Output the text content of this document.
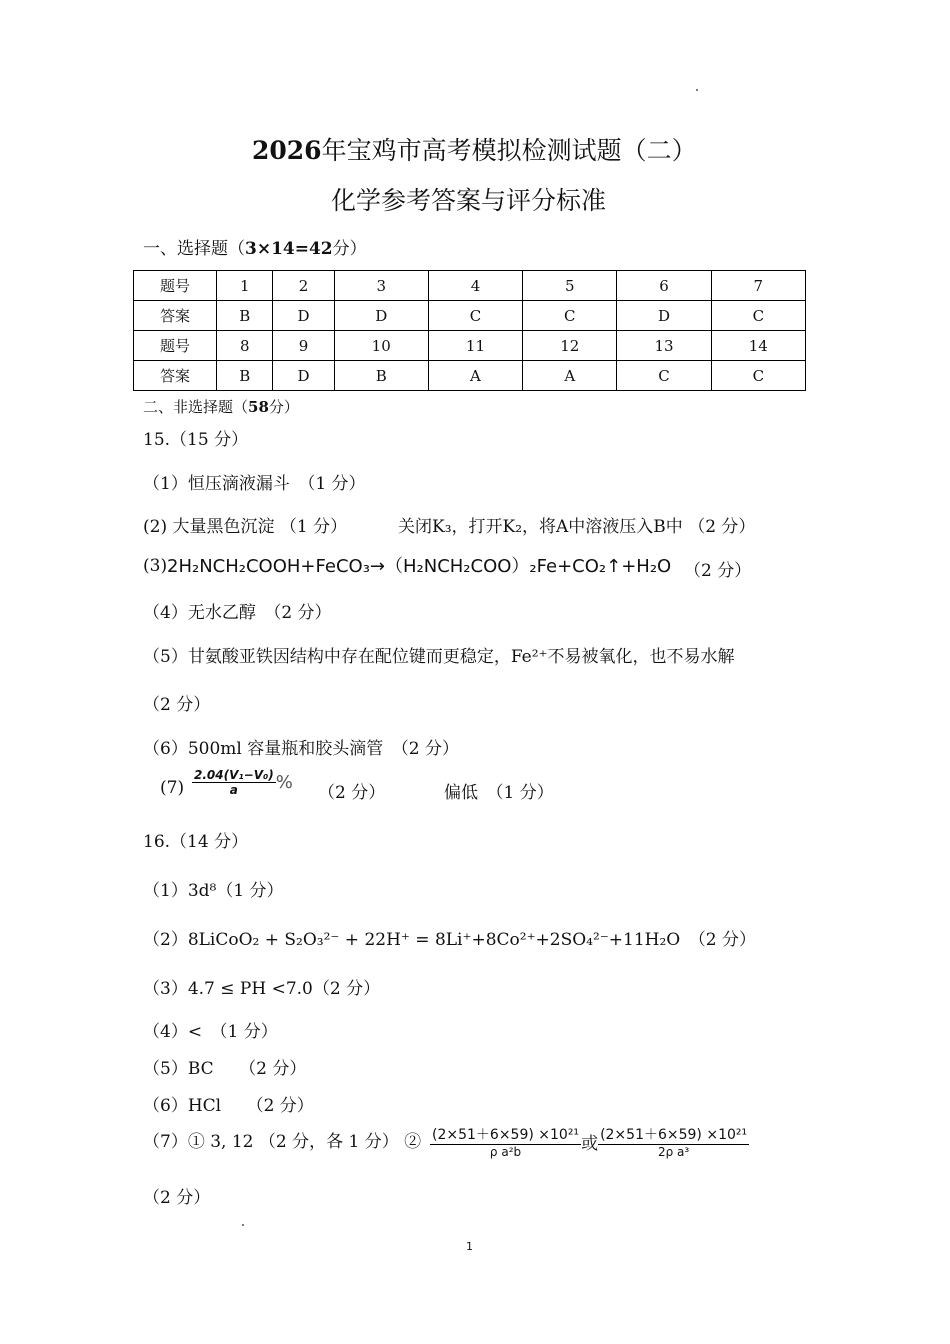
2026年宝鸡市高考模拟检测试题（二）
化学参考答案与评分标准
一、选择题（3×14=42分）
题号	1	2	3	4	5	6	7
答案	B	D	D	C	C	D	C
题号	8	9	10	11	12	13	14
答案	B	D	B	A	A	C	C
二、非选择题（58分）
15.（15 分）
（1）恒压滴液漏斗　（1 分）
(2) 大量黑色沉淀 （1 分）	关闭K₃，打开K₂，将A中溶液压入B中 （2 分）
(3) 2H₂NCH₂COOH+FeCO₃→（H₂NCH₂COO）₂Fe+CO₂↑+H₂O （2 分）
（4）无水乙醇　（2 分）
（5）甘氨酸亚铁因结构中存在配位键而更稳定，Fe²⁺不易被氧化，也不易水解
（2 分）
（6）500ml 容量瓶和胶头滴管　（2 分）
$(7) \frac{\text{2.04(V₁−V₀)}}{a}$ % （2 分）	偏低　（1 分）
16.（14 分）
（1）3d⁸（1 分）
（2）8LiCoO₂ + S₂O₃²⁻ + 22H⁺ = 8Li⁺+8Co²⁺+2SO₄²⁻+11H₂O　（2 分）
（3）4.7 ≤ PH <7.0（2 分）
（4）<　（1 分）
（5）BC　　（2 分）
（6）HCl　　（2 分）
（7）① 3, 12 （2 分，各 1 分） ② $\frac{\text{(2×51＋6×59) ×10²¹}}{\text{ρ a²b}}$ 或 $\frac{\text{(2×51＋6×59) ×10²¹}}{\text{2ρ a³}}$
（2 分）
1
